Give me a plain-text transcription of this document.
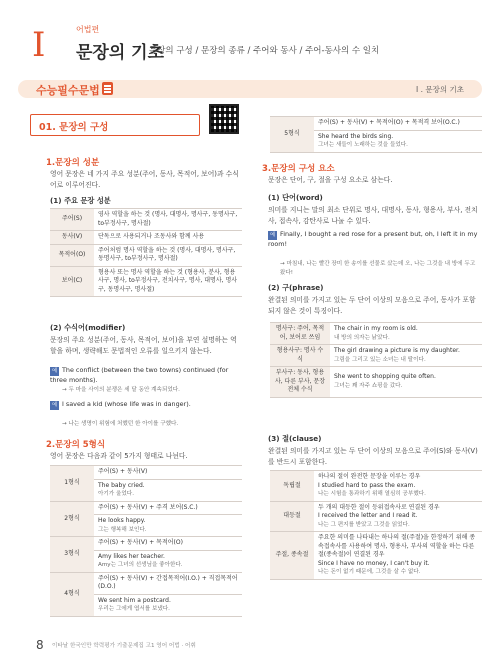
I	어법편
문장의 기초
문장의 구성 / 문장의 종류 / 주어와 동사 / 주어-동사의 수 일치
수능필수문법	I . 문장의 기초
01. 문장의 구성
1.문장의 성분
영어 문장은 네 가지 주요 성분(주어, 동사, 목적어, 보어)과 수식어로 이루어진다.
(1) 주요 문장 성분
주어(S)	영사 역할을 하는 것 (명사, 대명사, 명사구, 동명사구, to부정사구, 명사절)
동사(V)	단독으로 사용되거나 조동사와 함께 사용
목적어(O)	주어처럼 명사 역할을 하는 것 (명사, 대명사, 명사구, 동명사구, to부정사구, 명사절)
보어(C)	형용사 또는 명사 역할을 하는 것 (형용사, 분사, 형용사구, 명사, to부정사구, 전치사구, 명사, 대명사, 명사구, 동명사구, 명사절)
(2) 수식어(modifier)
문장의 주요 성분(주어, 동사, 목적어, 보어)을 부연 설명하는 역할을 하며, 생략해도 문법적인 오류를 일으키지 않는다.
예 The conflict (between the two towns) continued (for three months).
→ 두 마을 사이의 분쟁은 세 달 동안 계속되었다.
예 I saved a kid (whose life was in danger).
→ 나는 생명이 위험에 처했던 한 아이를 구했다.
2.문장의 5형식
영어 문장은 다음과 같이 5가지 형태로 나뉜다.
1형식	주어(S) + 동사(V)
	The baby cried.
아기가 울었다.
2형식	주어(S) + 동사(V) + 주격 보어(S.C.)
	He looks happy.
그는 행복해 보인다.
3형식	주어(S) + 동사(V) + 목적어(O)
	Amy likes her teacher.
Amy는 그녀의 선생님을 좋아한다.
4형식	주어(S) + 동사(V) + 간접목적어(I.O.) + 직접목적어(D.O.)
	We sent him a postcard.
우리는 그에게 엽서를 보냈다.
5형식	주어(S) + 동사(V) + 목적어(O) + 목적격 보어(O.C.)
She heard the birds sing.
그녀는 새들이 노래하는 것을 들었다.
3.문장의 구성 요소
문장은 단어, 구, 절을 구성 요소로 삼는다.
(1) 단어(word)
의미를 지니는 말의 최소 단위로 명사, 대명사, 동사, 형용사, 부사, 전치사, 접속사, 감탄사로 나눌 수 있다.
예 Finally, I bought a red rose for a present but, oh, I left it in my room!
→ 마침내, 나는 빨간 장미 한 송이를 선물로 샀는데 오, 나는 그것을 내 방에 두고 왔다!
(2) 구(phrase)
완결된 의미를 가지고 있는 두 단어 이상의 모음으로 주어, 동사가 포함되지 않은 것이 특징이다.
명사구: 주어, 목적어, 보어로 쓰임	The chair in my room is old.
내 방의 의자는 낡았다.
형용사구: 명사 수식	The girl drawing a picture is my daughter.
그림을 그리고 있는 소녀는 내 딸이다.
부사구: 동사, 형용사, 다른 부사, 문장 전체 수식	She went to shopping quite often.
그녀는 꽤 자주 쇼핑을 갔다.
(3) 절(clause)
완결된 의미를 가지고 있는 두 단어 이상의 모음으로 주어(S)와 동사(V)를 반드시 포함한다.
독립절	하나의 절이 완전한 문장을 이루는 경우
I studied hard to pass the exam.
나는 시험을 통과하기 위해 열심히 공부했다.
대등절	두 개의 대등한 절이 등위접속사로 연결된 경우
I received the letter and I read it.
나는 그 편지를 받았고 그것을 읽었다.
주절, 종속절	주요한 의미를 나타내는 하나의 절(주절)을 한정하기 위해 종속접속사를 사용하여 명사, 형용사, 부사의 역할을 하는 다른 절(종속절)이 연결된 경우
Since I have no money, I can't buy it.
나는 돈이 없기 때문에, 그것을 살 수 없다.
8 이타날 한국인만 학력평가 기출문제집 고1 영어 어법 · 어휘
